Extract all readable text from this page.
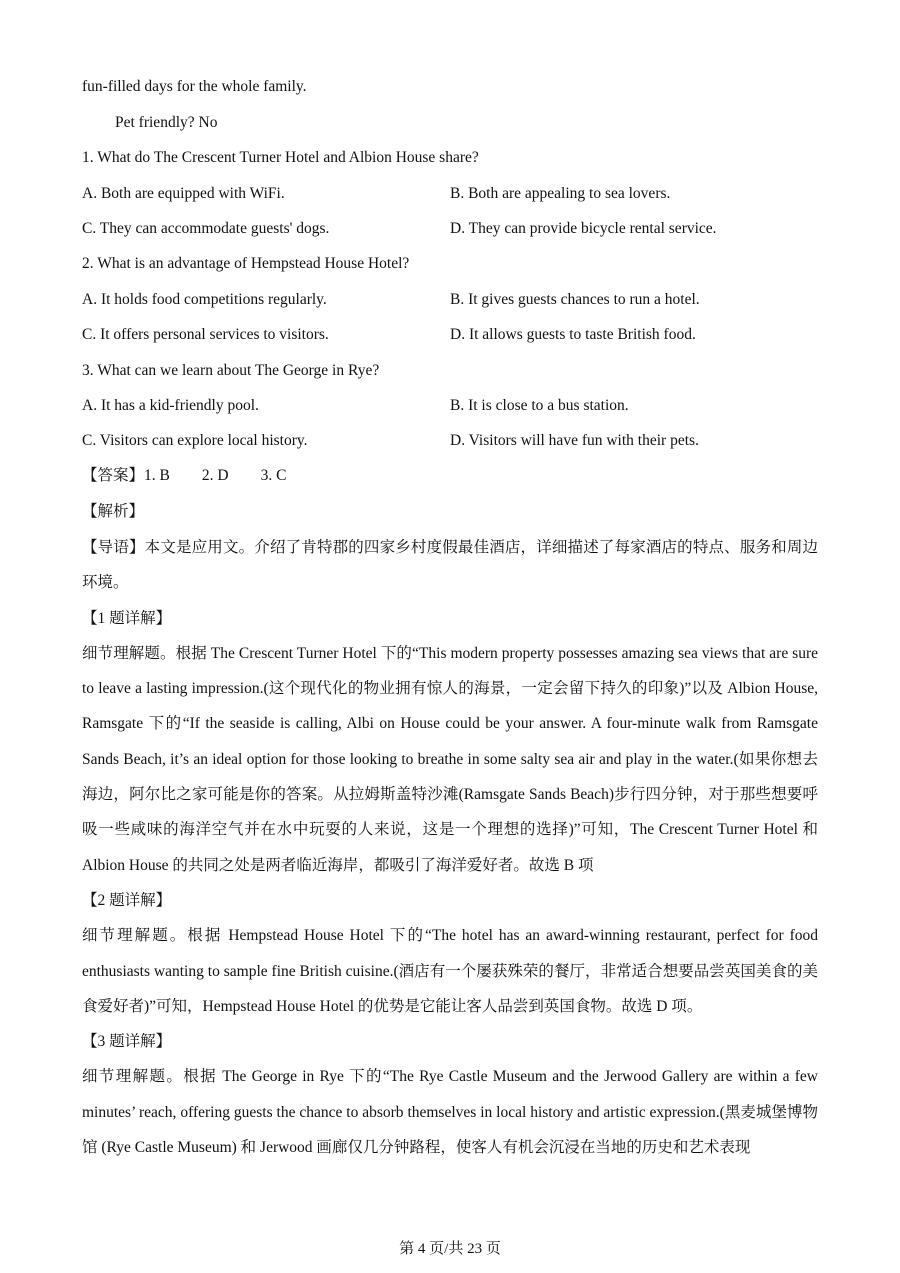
fun-filled days for the whole family.
Pet friendly? No
1. What do The Crescent Turner Hotel and Albion House share?
A. Both are equipped with WiFi.	B. Both are appealing to sea lovers.
C. They can accommodate guests' dogs.	D. They can provide bicycle rental service.
2. What is an advantage of Hempstead House Hotel?
A. It holds food competitions regularly.	B. It gives guests chances to run a hotel.
C. It offers personal services to visitors.	D. It allows guests to taste British food.
3. What can we learn about The George in Rye?
A. It has a kid-friendly pool.	B. It is close to a bus station.
C. Visitors can explore local history.	D. Visitors will have fun with their pets.
【答案】1. B 2. D 3. C
【解析】

【导语】本文是应用文。介绍了肯特郡的四家乡村度假最佳酒店，详细描述了每家酒店的特点、服务和周边环境。

【1 题详解】

细节理解题。根据 The Crescent Turner Hotel 下的“This modern property possesses amazing sea views that are sure to leave a lasting impression.(这个现代化的物业拥有惊人的海景，一定会留下持久的印象)”以及 Albion House, Ramsgate 下的“If the seaside is calling, Albi on House could be your answer. A four-minute walk from Ramsgate Sands Beach, it’s an ideal option for those looking to breathe in some salty sea air and play in the water.(如果你想去海边，阿尔比之家可能是你的答案。从拉姆斯盖特沙滩(Ramsgate Sands Beach)步行四分钟，对于那些想要呼吸一些咸味的海洋空气并在水中玩耍的人来说，这是一个理想的选择)”可知，The Crescent Turner Hotel 和 Albion House 的共同之处是两者临近海岸，都吸引了海洋爱好者。故选 B 项

【2 题详解】

细节理解题。根据 Hempstead House Hotel 下的“The hotel has an award-winning restaurant, perfect for food enthusiasts wanting to sample fine British cuisine.(酒店有一个屡获殊荣的餐厅，非常适合想要品尝英国美食的美食爱好者)”可知，Hempstead House Hotel 的优势是它能让客人品尝到英国食物。故选 D 项。

【3 题详解】

细节理解题。根据 The George in Rye 下的“The Rye Castle Museum and the Jerwood Gallery are within a few minutes’ reach, offering guests the chance to absorb themselves in local history and artistic expression.(黑麦城堡博物馆 (Rye Castle Museum) 和 Jerwood 画廊仅几分钟路程，使客人有机会沉浸在当地的历史和艺术表现

第 4 页/共 23 页
